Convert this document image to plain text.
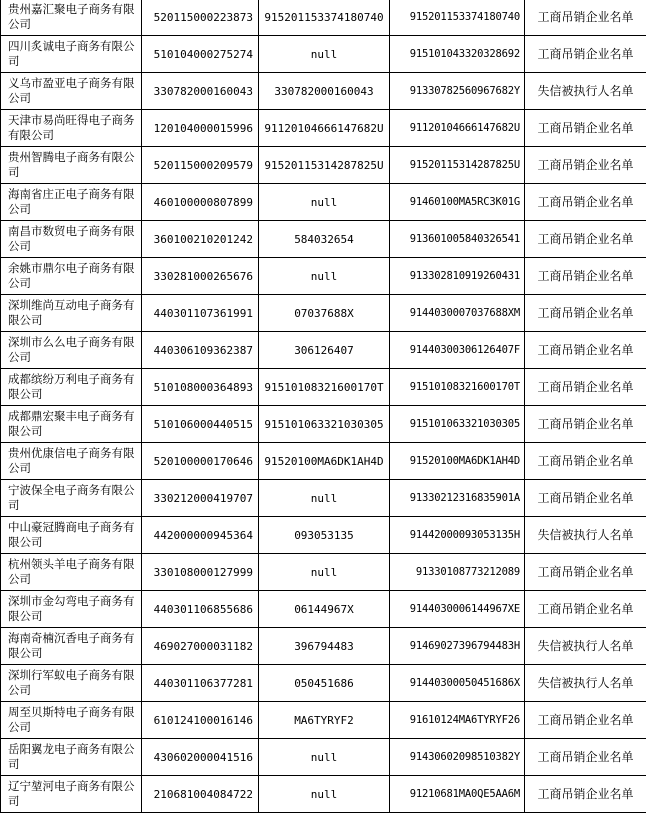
贵州嘉汇聚电子商务有限公司	520115000223873	915201153374180740	915201153374180740	工商吊销企业名单
四川炙诚电子商务有限公司	510104000275274	null	91510104332032869​2	工商吊销企业名单
义乌市盈亚电子商务有限公司	330782000160043	330782000160043	91330782560967682Y	失信被执行人名单
天津市易尚旺得电子商务有限公司	120104000015996	91120104666147682U	91120104666147682U	工商吊销企业名单
贵州智腾电子商务有限公司	520115000209579	91520115314287825U	91520115314287825U	工商吊销企业名单
海南省庄正电子商务有限公司	460100000807899	null	91460100MA5RC3K01G	工商吊销企业名单
南昌市数贸电子商务有限公司	360100210201242	584032654	913601005840326541	工商吊销企业名单
余姚市鼎尔电子商务有限公司	330281000265676	null	913302810919260431	工商吊销企业名单
深圳维尚互动电子商务有限公司	440301107361991	07037688X	9144030007037688XM	工商吊销企业名单
深圳市么么电子商务有限公司	440306109362387	306126407	91440300306126407F	工商吊销企业名单
成都缤纷万利电子商务有限公司	510108000364893	91510108321600170T	91510108321600170T	工商吊销企业名单
成都鼎宏聚丰电子商务有限公司	510106000440515	915101063321030305	915101063321030305	工商吊销企业名单
贵州优康信电子商务有限公司	520100000170646	91520100MA6DK1AH4D	91520100MA6DK1AH4D	工商吊销企业名单
宁波保全电子商务有限公司	330212000419707	null	91330212316835901A	工商吊销企业名单
中山豪冠腾商电子商务有限公司	442000000945364	093053135	91442000093053135H	失信被执行人名单
杭州领头羊电子商务有限公司	330108000127999	null	913301087732120​89	工商吊销企业名单
深圳市金勾弯电子商务有限公司	440301106855686	06144967X	9144030006144967XE	工商吊销企业名单
海南奇楠沉香电子商务有限公司	469027000031182	396794483	91469027396794483H	失信被执行人名单
深圳行军蚁电子商务有限公司	440301106377281	050451686	91440300050451686X	失信被执行人名单
周至贝斯特电子商务有限公司	610124100016146	MA6TYRYF2	91610124MA6TYRYF26	工商吊销企业名单
岳阳翼龙电子商务有限公司	430602000041516	null	91430602098510382Y	工商吊销企业名单
辽宁堃河电子商务有限公司	210681004084722	null	91210681MA0QE5AA6M	工商吊销企业名单
